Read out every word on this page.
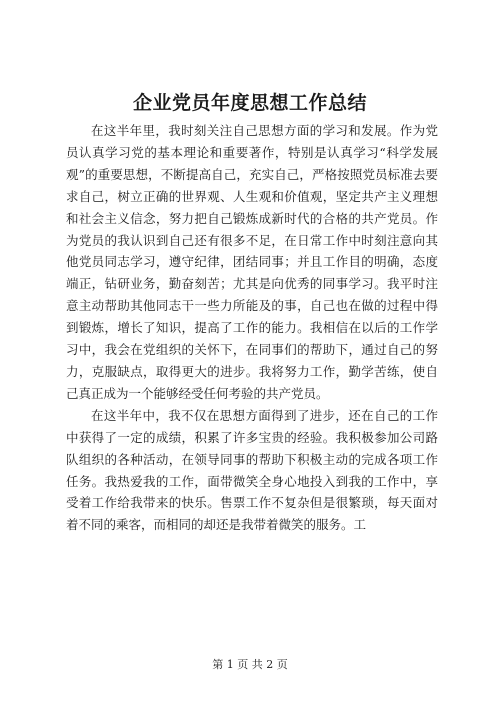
企业党员年度思想工作总结

在这半年里，我时刻关注自己思想方面的学习和发展。作为党员认真学习党的基本理论和重要著作，特别是认真学习“科学发展观”的重要思想，不断提高自己，充实自己，严格按照党员标准去要求自己，树立正确的世界观、人生观和价值观，坚定共产主义理想和社会主义信念，努力把自己锻炼成新时代的合格的共产党员。作为党员的我认识到自己还有很多不足，在日常工作中时刻注意向其他党员同志学习，遵守纪律，团结同事；并且工作目的明确，态度端正，钻研业务，勤奋刻苦；尤其是向优秀的同事学习。我平时注意主动帮助其他同志干一些力所能及的事，自己也在做的过程中得到锻炼，增长了知识，提高了工作的能力。我相信在以后的工作学习中，我会在党组织的关怀下，在同事们的帮助下，通过自己的努力，克服缺点，取得更大的进步。我将努力工作，勤学苦练，使自己真正成为一个能够经受任何考验的共产党员。

在这半年中，我不仅在思想方面得到了进步，还在自己的工作中获得了一定的成绩，积累了许多宝贵的经验。我积极参加公司路队组织的各种活动，在领导同事的帮助下积极主动的完成各项工作任务。我热爱我的工作，面带微笑全身心地投入到我的工作中，享受着工作给我带来的快乐。售票工作不复杂但是很繁琐，每天面对着不同的乘客，而相同的却还是我带着微笑的服务。工

第 1 页 共 2 页
